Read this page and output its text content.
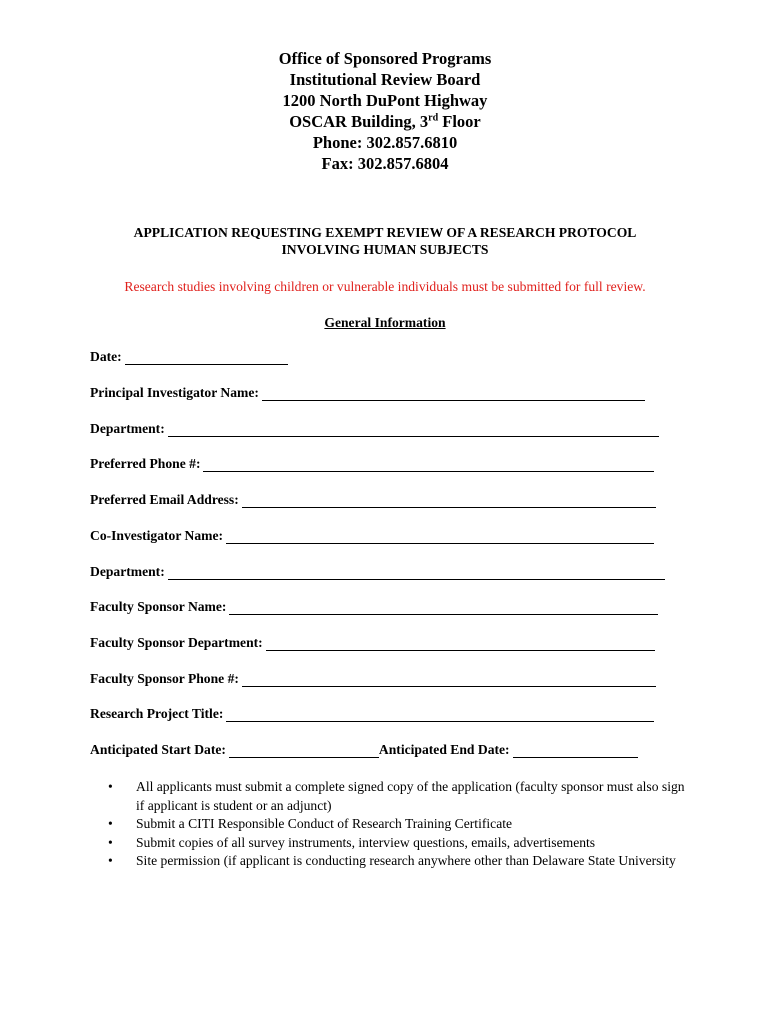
Office of Sponsored Programs
Institutional Review Board
1200 North DuPont Highway
OSCAR Building, 3rd Floor
Phone: 302.857.6810
Fax: 302.857.6804
APPLICATION REQUESTING EXEMPT REVIEW OF A RESEARCH PROTOCOL
INVOLVING HUMAN SUBJECTS
Research studies involving children or vulnerable individuals must be submitted for full review.
General Information
Date:
Principal Investigator Name:
Department:
Preferred Phone #:
Preferred Email Address:
Co-Investigator Name:
Department:
Faculty Sponsor Name:
Faculty Sponsor Department:
Faculty Sponsor Phone #:
Research Project Title:
Anticipated Start Date:	Anticipated End Date:
• All applicants must submit a complete signed copy of the application (faculty sponsor must also sign if applicant is student or an adjunct)
• Submit a CITI Responsible Conduct of Research Training Certificate
• Submit copies of all survey instruments, interview questions, emails, advertisements
• Site permission (if applicant is conducting research anywhere other than Delaware State University
